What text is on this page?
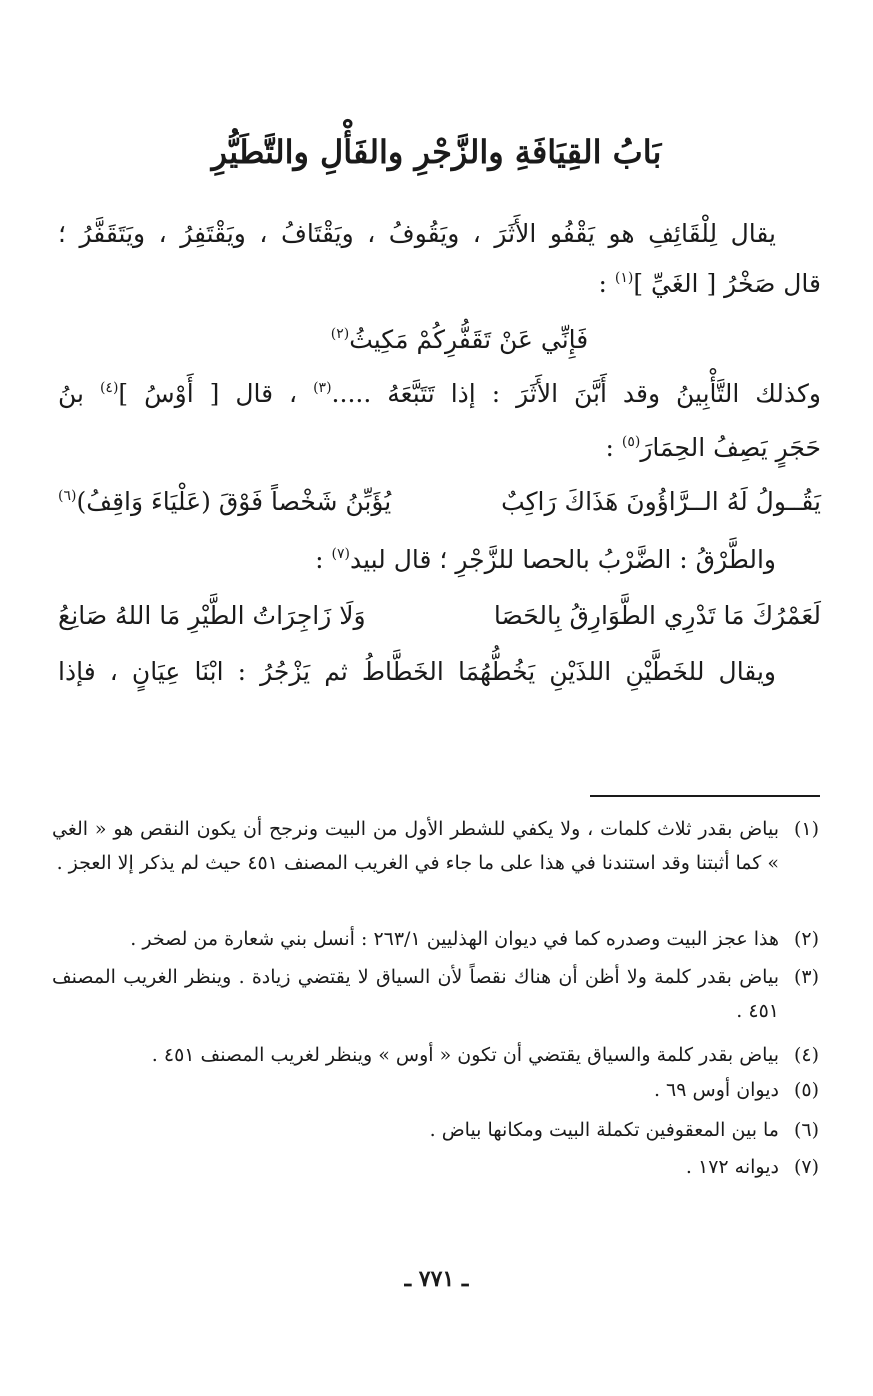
بَابُ القِيَافَةِ والزَّجْرِ والفَأْلِ والتَّطَيُّرِ
يقال لِلْقَائِفِ هو يَقْفُو الأَثَرَ ، ويَقُوفُ ، ويَقْتَافُ ، ويَقْتَفِرُ ، ويَتَقَفَّرُ ؛
قال صَخْرُ [ الغَيِّ ]$^{(١)}$ :
فَإِنِّي عَنْ تَقَفُّرِكُمْ مَكِيثُ$^{(٢)}$
وكذلك التَّأْبِينُ وقد أَبَّنَ الأَثَرَ : إذا تَتَبَّعَهُ .....$^{(٣)}$ ، قال [ أَوْسُ ]$^{(٤)}$ بنُ
حَجَرٍ يَصِفُ الحِمَارَ$^{(٥)}$ :
يَقُــولُ لَهُ الــرَّاؤُونَ هَذَاكَ رَاكِبٌ
يُؤَبِّنُ شَخْصاً فَوْقَ (عَلْيَاءَ وَاقِفُ)$^{(٦)}$
والطَّرْقُ : الضَّرْبُ بالحصا للزَّجْرِ ؛ قال لبيد$^{(٧)}$ :
لَعَمْرُكَ مَا تَدْرِي الطَّوَارِقُ بِالحَصَا
وَلَا زَاجِرَاتُ الطَّيْرِ مَا اللهُ صَانِعُ
ويقال للخَطَّيْنِ اللذَيْنِ يَخُطُّهُمَا الخَطَّاطُ ثم يَزْجُرُ : ابْنَا عِيَانٍ ، فإذا
(١)
بياض بقدر ثلاث كلمات ، ولا يكفي للشطر الأول من البيت ونرجح أن يكون النقص هو « الغي » كما أثبتنا وقد استندنا في هذا على ما جاء في الغريب المصنف ٤٥١ حيث لم يذكر إلا العجز .
(٢)
هذا عجز البيت وصدره كما في ديوان الهذليين ٢٦٣/١ : أنسل بني شعارة من لصخر .
(٣)
بياض بقدر كلمة ولا أظن أن هناك نقصاً لأن السياق لا يقتضي زيادة . وينظر الغريب المصنف ٤٥١ .
(٤)
بياض بقدر كلمة والسياق يقتضي أن تكون « أوس » وينظر لغريب المصنف ٤٥١ .
(٥)
ديوان أوس ٦٩ .
(٦)
ما بين المعقوفين تكملة البيت ومكانها بياض .
(٧)
ديوانه ١٧٢ .
ـ ٧٧١ ـ
